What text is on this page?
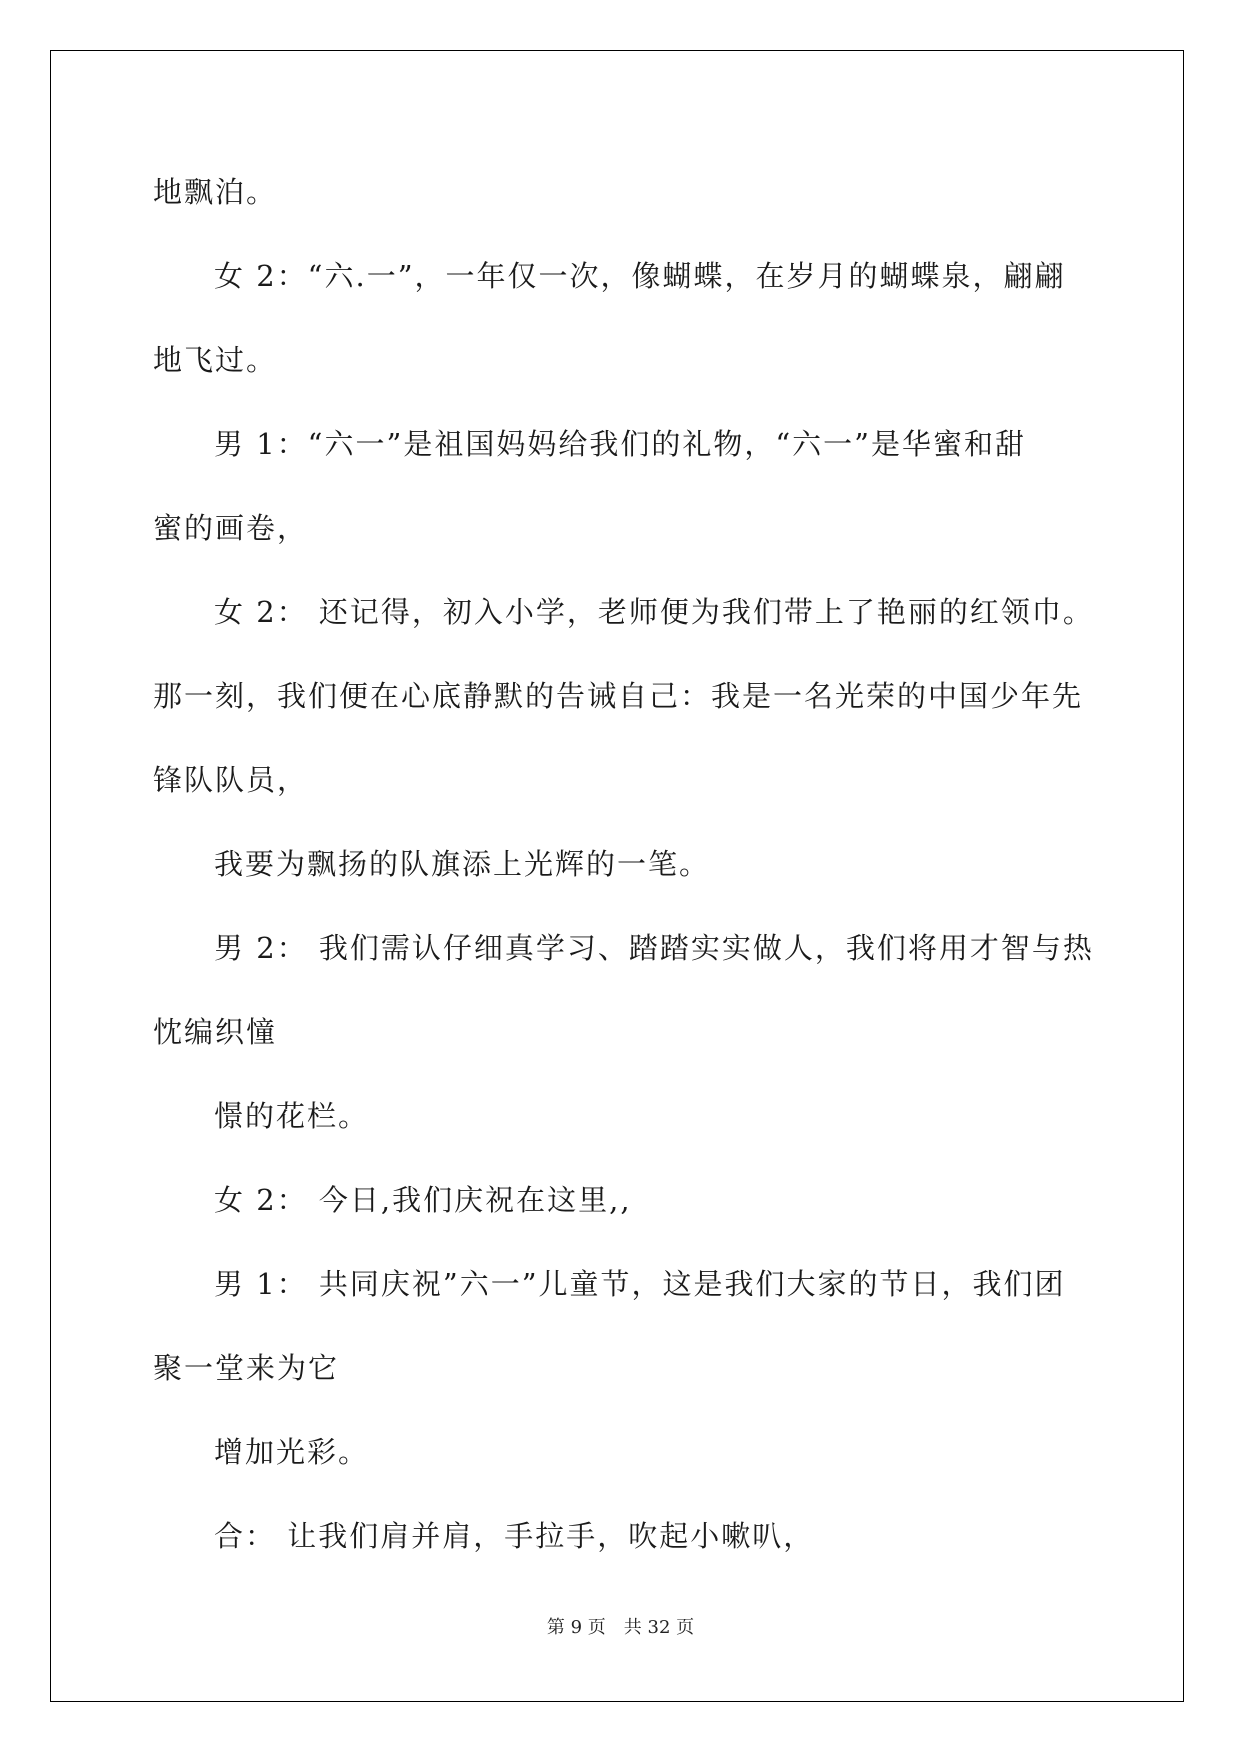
地飘泊。
女 2：“六.一”，一年仅一次，像蝴蝶，在岁月的蝴蝶泉，翩翩
地飞过。
男 1：“六一”是祖国妈妈给我们的礼物，“六一”是华蜜和甜
蜜的画卷，
女 2： 还记得，初入小学，老师便为我们带上了艳丽的红领巾。
那一刻，我们便在心底静默的告诫自己：我是一名光荣的中国少年先
锋队队员，
我要为飘扬的队旗添上光辉的一笔。
男 2： 我们需认仔细真学习、踏踏实实做人，我们将用才智与热
忱编织憧
憬的花栏。
女 2： 今日,我们庆祝在这里,,
男 1： 共同庆祝”六一”儿童节，这是我们大家的节日，我们团
聚一堂来为它
增加光彩。
合： 让我们肩并肩，手拉手，吹起小嗽叭，
第 9 页　共 32 页
